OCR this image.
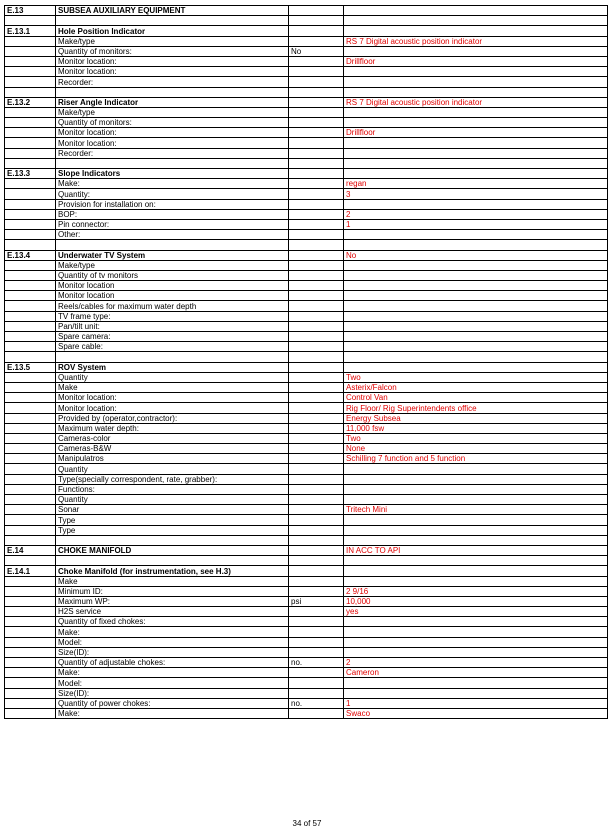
E.13	SUBSEA AUXILIARY EQUIPMENT		

E.13.1	Hole Position Indicator		
	Make/type		RS 7 Digital acoustic position indicator
	Quantity of monitors:	No	
	Monitor location:		Drillfloor
	Monitor location:		
	Recorder:		

E.13.2	Riser Angle Indicator		RS 7 Digital acoustic position indicator
	Make/type		
	Quantity of monitors:		
	Monitor location:		Drillfloor
	Monitor location:		
	Recorder:		

E.13.3	Slope Indicators		
	Make:		regan
	Quantity:		3
	Provision for installation on:		
	BOP:		2
	Pin connector:		1
	Other:		

E.13.4	Underwater TV System		No
	Make/type		
	Quantity of tv monitors		
	Monitor location		
	Monitor location		
	Reels/cables for maximum water depth		
	TV frame type:		
	Pan/tilt unit:		
	Spare camera:		
	Spare cable:		

E.13.5	ROV System		
	Quantity		Two
	Make		Asterix/Falcon
	Monitor location:		Control Van
	Monitor location:		Rig Floor/ Rig Superintendents office
	Provided by (operator,contractor):		Energy Subsea
	Maximum water depth:		11,000 fsw
	Cameras-color		Two
	Cameras-B&W		None
	Manipulatros		Schilling 7 function and 5 function
	Quantity		
	Type(specially correspondent, rate, grabber):		
	Functions:		
	Quantity		
	Sonar		Tritech Mini
	Type		
	Type		

E.14	CHOKE MANIFOLD		IN ACC TO API

E.14.1	Choke Manifold (for instrumentation, see H.3)		
	Make		
	Minimum ID:		2 9/16
	Maximum WP:	psi	10,000
	H2S service		yes
	Quantity of fixed chokes:		
	Make:		
	Model:		
	Size(ID):		
	Quantity of adjustable chokes:	no.	2
	Make:		Cameron
	Model:		
	Size(ID):		
	Quantity of power chokes:	no.	1
	Make:		Swaco
34 of 57
